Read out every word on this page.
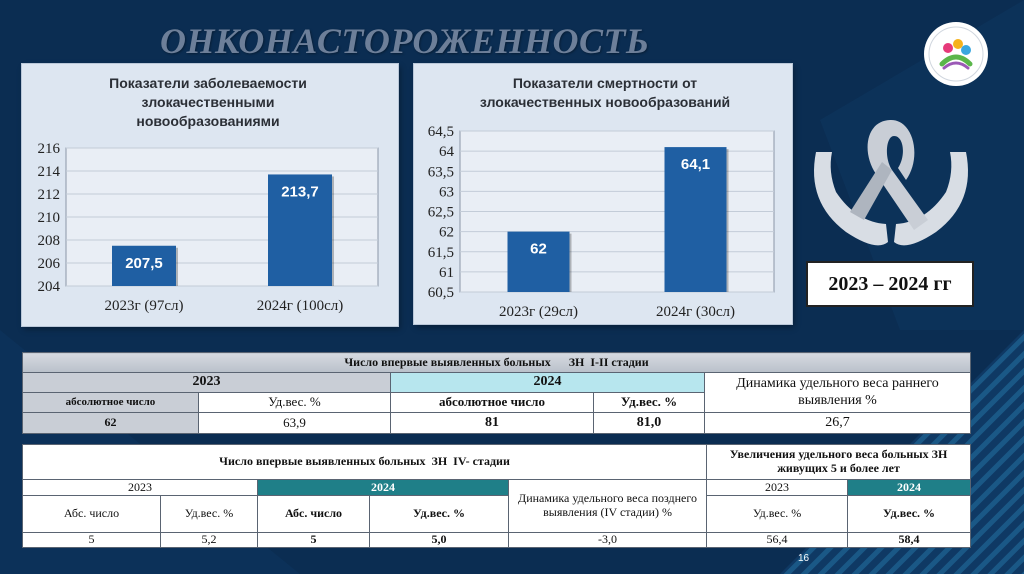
ОНКОНАСТОРОЖЕННОСТЬ
Показатели заболеваемости
злокачественными
новообразованиями
216
214
212
210
208
206
204
207,5
2023г (97сл)
213,7
2024г (100сл)
Показатели смертности от
злокачественных новообразований
64,5
64
63,5
63
62,5
62
61,5
61
60,5
62
2023г (29сл)
64,1
2024г (30сл)
2023 – 2024 гг
Число впервые выявленных больных      ЗН  I-II стадии				
2023		2024		Динамика удельного веса раннего выявления %
абсолютное число	Уд.вес. %	абсолютное число	Уд.вес. %	
62	63,9	81	81,0	26,7
Число впервые выявленных больных  ЗН  IV- стадии					Увеличения удельного веса больных ЗН живущих 5 и более лет	
2023		2024		Динамика удельного веса позднего выявления (IV стадии) %	2023	2024
Абс. число	Уд.вес. %	Абс. число	Уд.вес. %		Уд.вес. %	Уд.вес. %
5	5,2	5	5,0	-3,0	56,4	58,4
16
